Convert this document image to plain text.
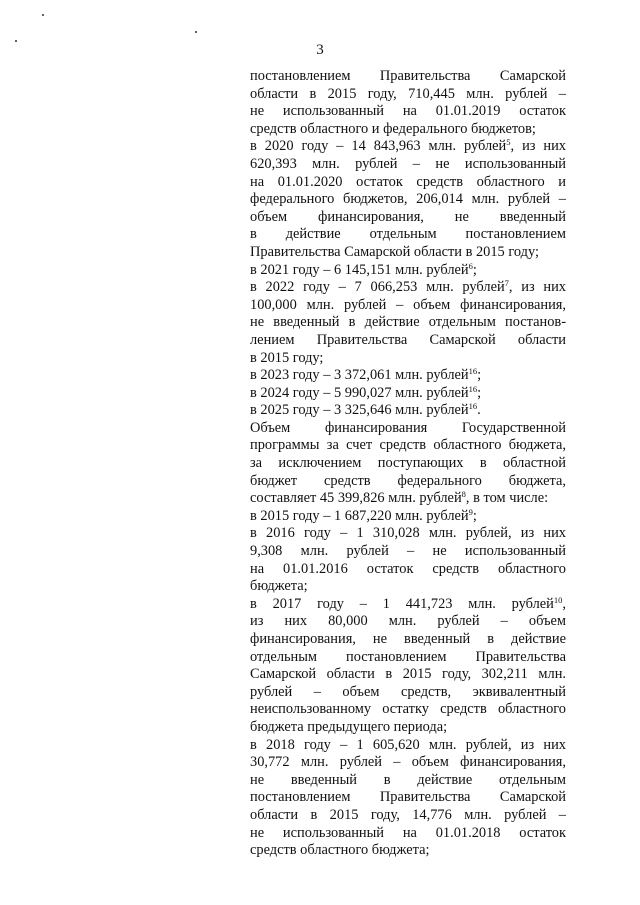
3
постановлением Правительства Самарской
области в 2015 году, 710,445 млн. рублей –
не использованный на 01.01.2019 остаток
средств областного и федерального бюджетов;
в 2020 году – 14 843,963 млн. рублей$^5$, из них
620,393 млн. рублей – не использованный
на 01.01.2020 остаток средств областного и
федерального бюджетов, 206,014 млн. рублей –
объем финансирования, не введенный
в действие отдельным постановлением
Правительства Самарской области в 2015 году;
в 2021 году – 6 145,151 млн. рублей$^6$;
в 2022 году – 7 066,253 млн. рублей$^7$, из них
100,000 млн. рублей – объем финансирования,
не введенный в действие отдельным постанов-
лением Правительства Самарской области
в 2015 году;
в 2023 году – 3 372,061 млн. рублей$^{16}$;
в 2024 году – 5 990,027 млн. рублей$^{16}$;
в 2025 году – 3 325,646 млн. рублей$^{16}$.
Объем финансирования Государственной
программы за счет средств областного бюджета,
за исключением поступающих в областной
бюджет средств федерального бюджета,
составляет 45 399,826 млн. рублей$^8$, в том числе:
в 2015 году – 1 687,220 млн. рублей$^9$;
в 2016 году – 1 310,028 млн. рублей, из них
9,308 млн. рублей – не использованный
на 01.01.2016 остаток средств областного
бюджета;
в 2017 году – 1 441,723 млн. рублей$^{10}$,
из них 80,000 млн. рублей – объем
финансирования, не введенный в действие
отдельным постановлением Правительства
Самарской области в 2015 году, 302,211 млн.
рублей – объем средств, эквивалентный
неиспользованному остатку средств областного
бюджета предыдущего периода;
в 2018 году – 1 605,620 млн. рублей, из них
30,772 млн. рублей – объем финансирования,
не введенный в действие отдельным
постановлением Правительства Самарской
области в 2015 году, 14,776 млн. рублей –
не использованный на 01.01.2018 остаток
средств областного бюджета;
